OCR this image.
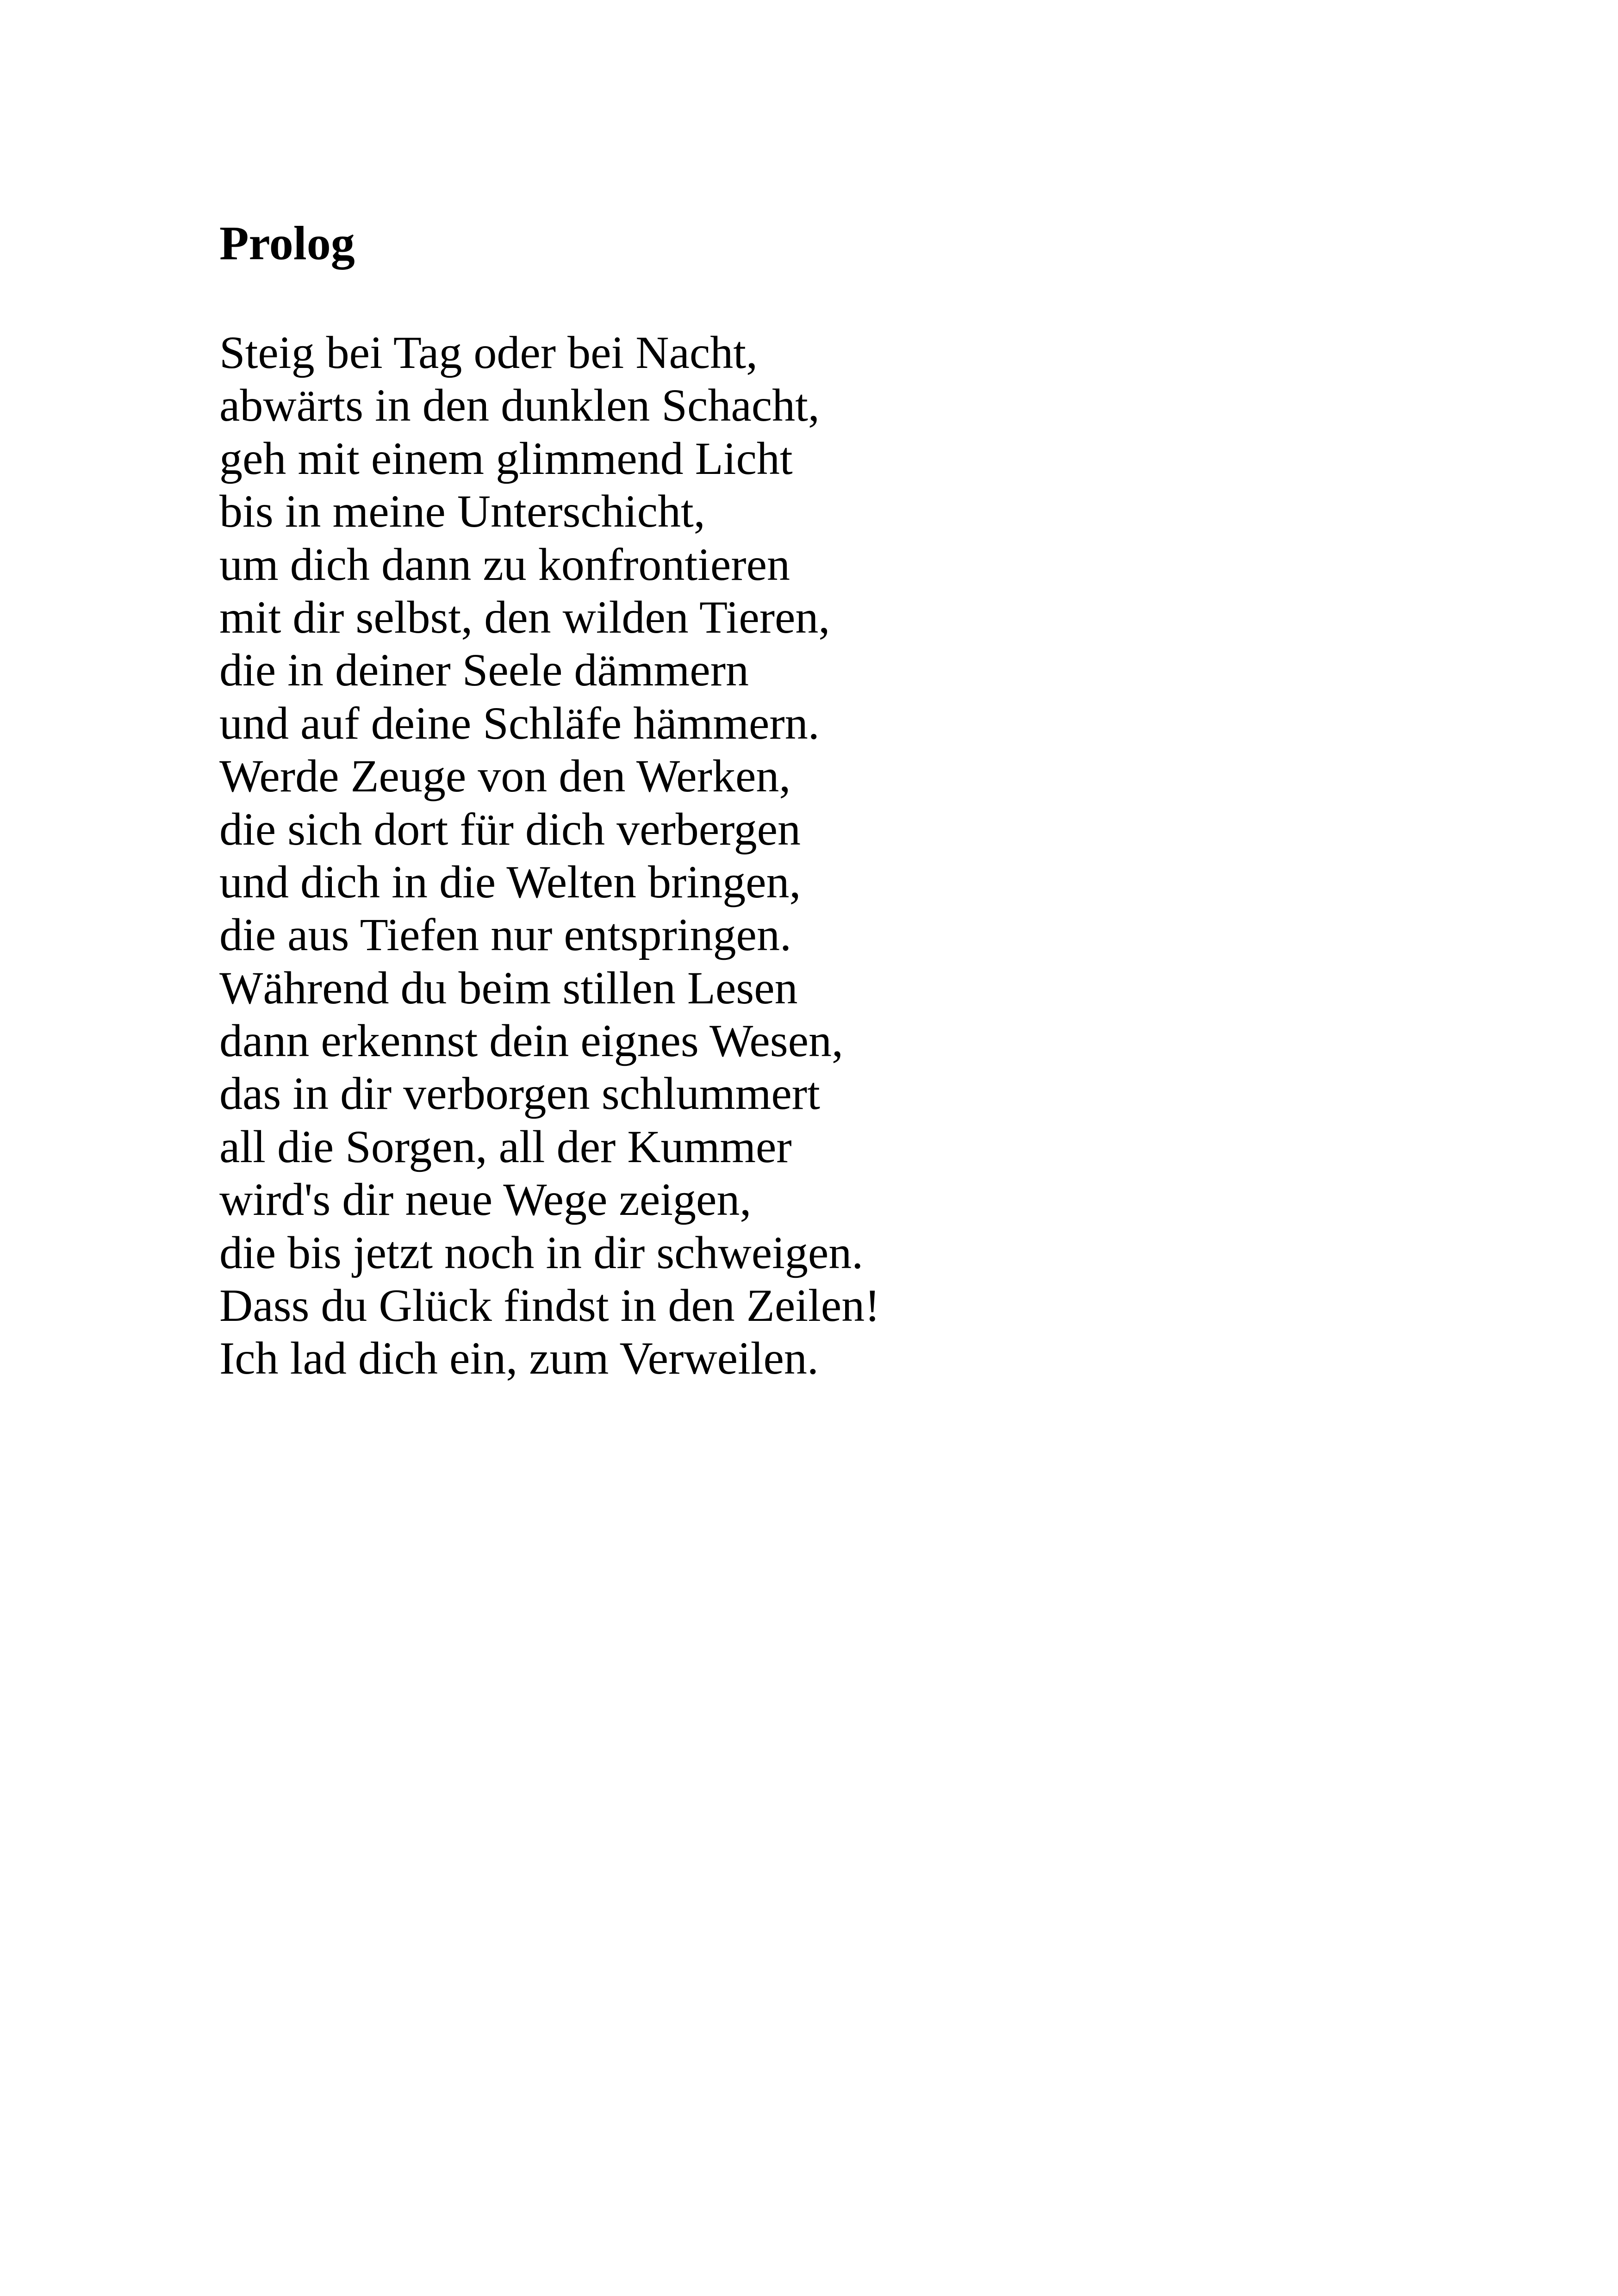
Prolog
Steig bei Tag oder bei Nacht,
abwärts in den dunklen Schacht,
geh mit einem glimmend Licht
bis in meine Unterschicht,
um dich dann zu konfrontieren
mit dir selbst, den wilden Tieren,
die in deiner Seele dämmern
und auf deine Schläfe hämmern.
Werde Zeuge von den Werken,
die sich dort für dich verbergen
und dich in die Welten bringen,
die aus Tiefen nur entspringen.
Während du beim stillen Lesen
dann erkennst dein eignes Wesen,
das in dir verborgen schlummert
all die Sorgen, all der Kummer
wird's dir neue Wege zeigen,
die bis jetzt noch in dir schweigen.
Dass du Glück findst in den Zeilen!
Ich lad dich ein, zum Verweilen.
